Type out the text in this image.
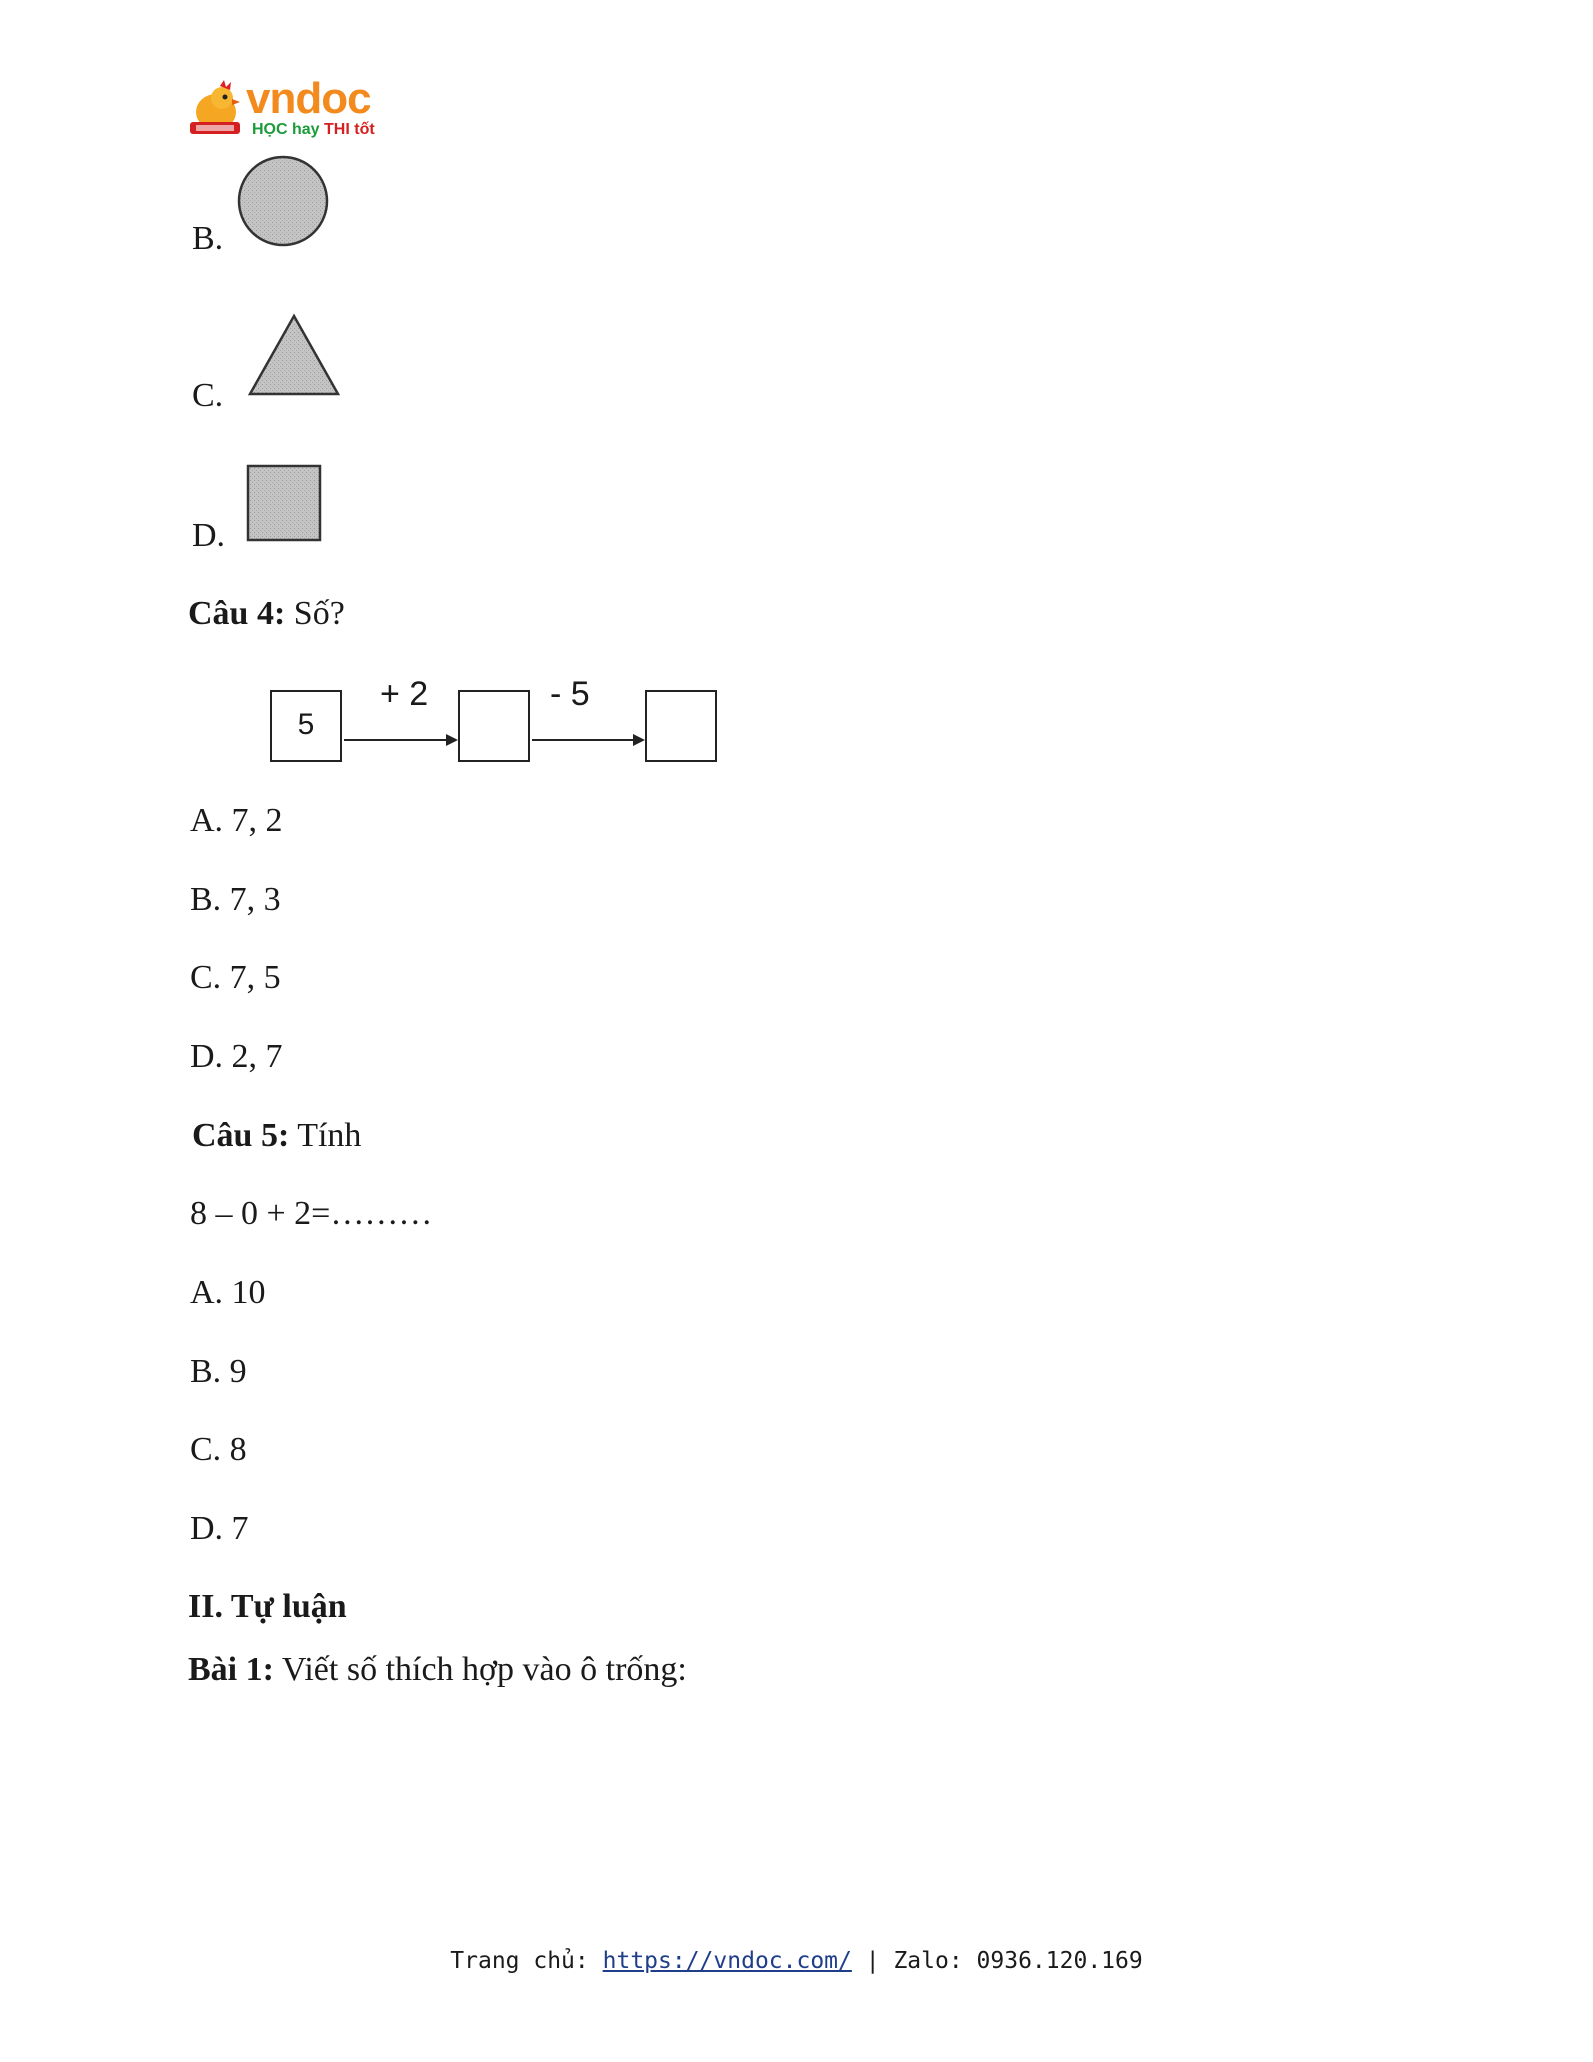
vndoc
HỌC hay THI tốt
B.
C.
D.
Câu 4: Số?
5
+ 2	- 5
A. 7, 2
B. 7, 3
C. 7, 5
D. 2, 7
Câu 5: Tính
8 – 0 + 2=………
A. 10
B. 9
C. 8
D. 7
II. Tự luận
Bài 1: Viết số thích hợp vào ô trống:
Trang chủ: https://vndoc.com/ | Zalo: 0936.120.169
